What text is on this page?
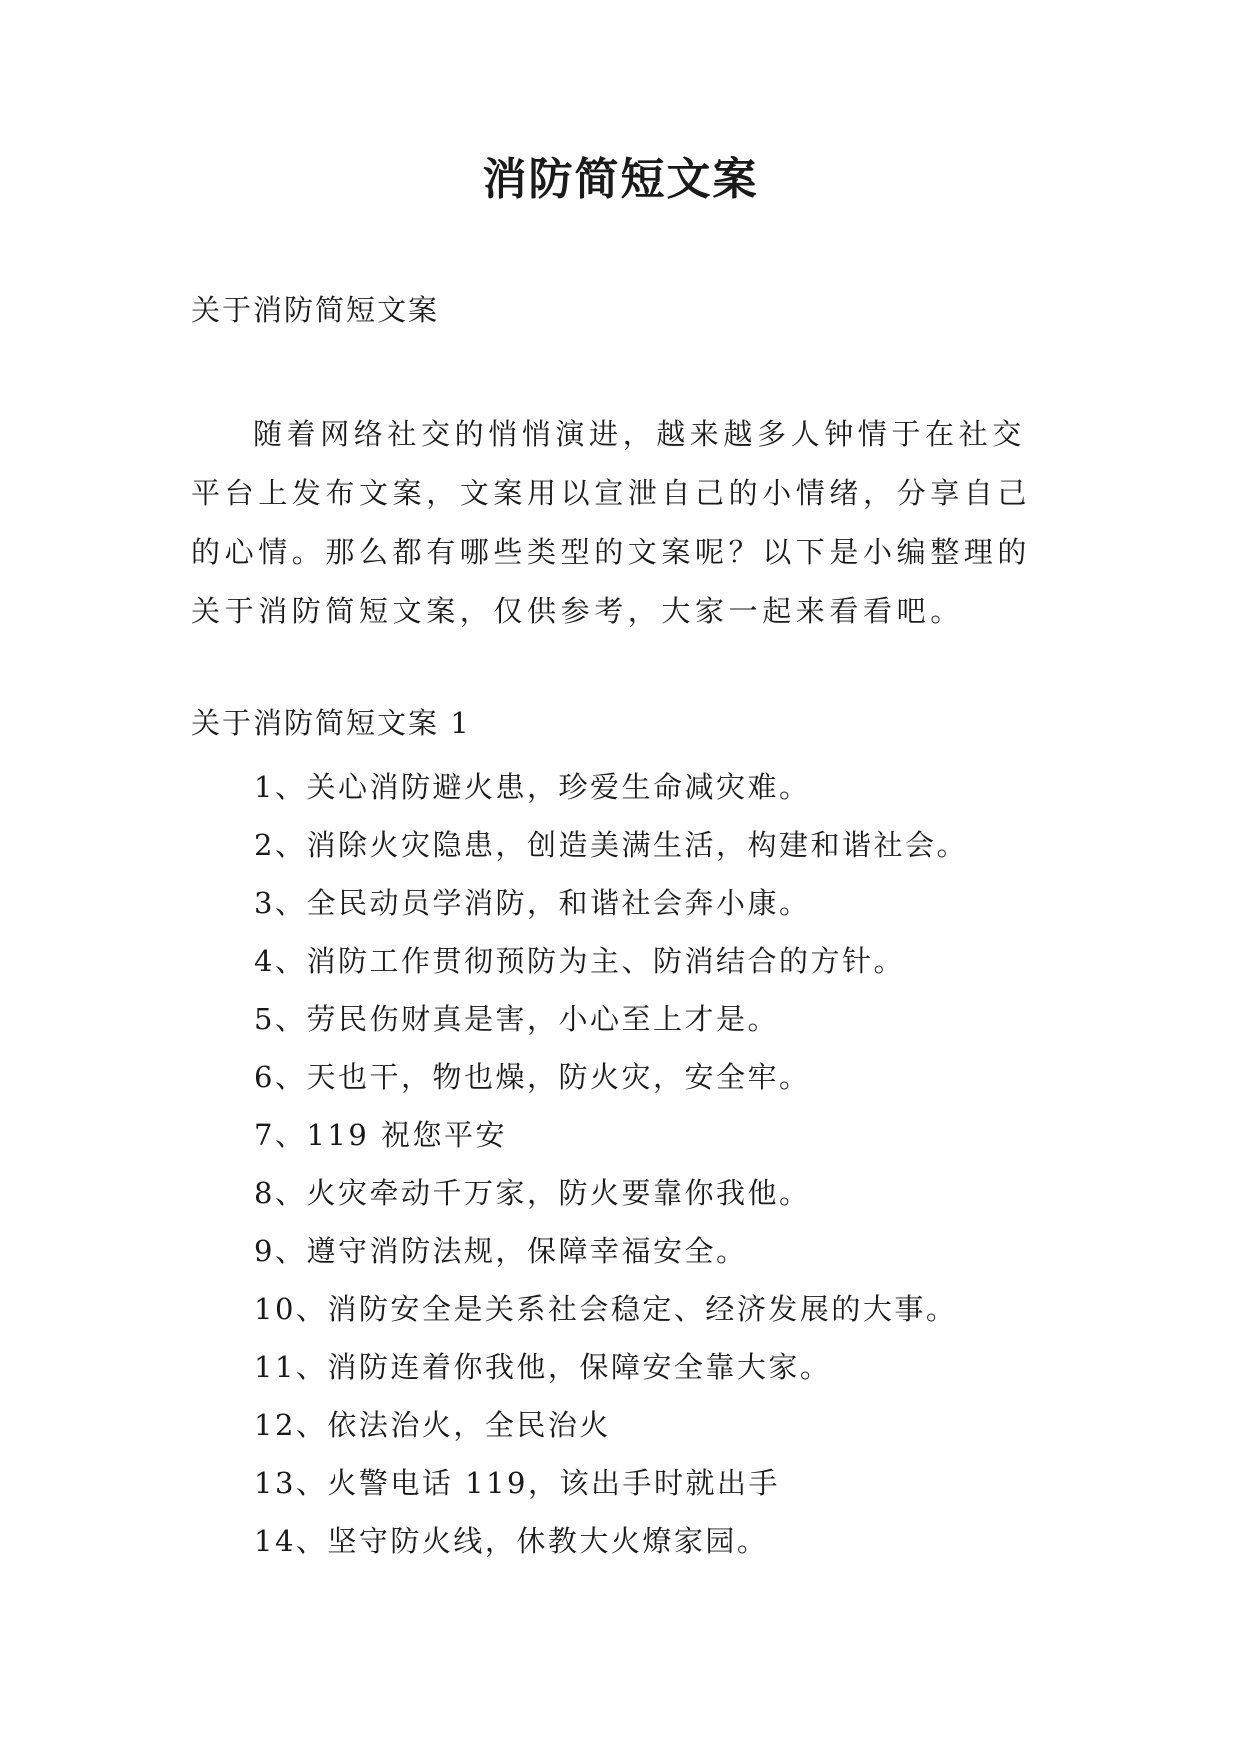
消防简短文案
关于消防简短文案

随着网络社交的悄悄演进，越来越多人钟情于在社交平台上发布文案，文案用以宣泄自己的小情绪，分享自己的心情。那么都有哪些类型的文案呢？以下是小编整理的关于消防简短文案，仅供参考，大家一起来看看吧。

关于消防简短文案 1
1、关心消防避火患，珍爱生命减灾难。
2、消除火灾隐患，创造美满生活，构建和谐社会。
3、全民动员学消防，和谐社会奔小康。
4、消防工作贯彻预防为主、防消结合的方针。
5、劳民伤财真是害，小心至上才是。
6、天也干，物也燥，防火灾，安全牢。
7、119 祝您平安
8、火灾牵动千万家，防火要靠你我他。
9、遵守消防法规，保障幸福安全。
10、消防安全是关系社会稳定、经济发展的大事。
11、消防连着你我他，保障安全靠大家。
12、依法治火，全民治火
13、火警电话 119，该出手时就出手
14、坚守防火线，休教大火燎家园。
